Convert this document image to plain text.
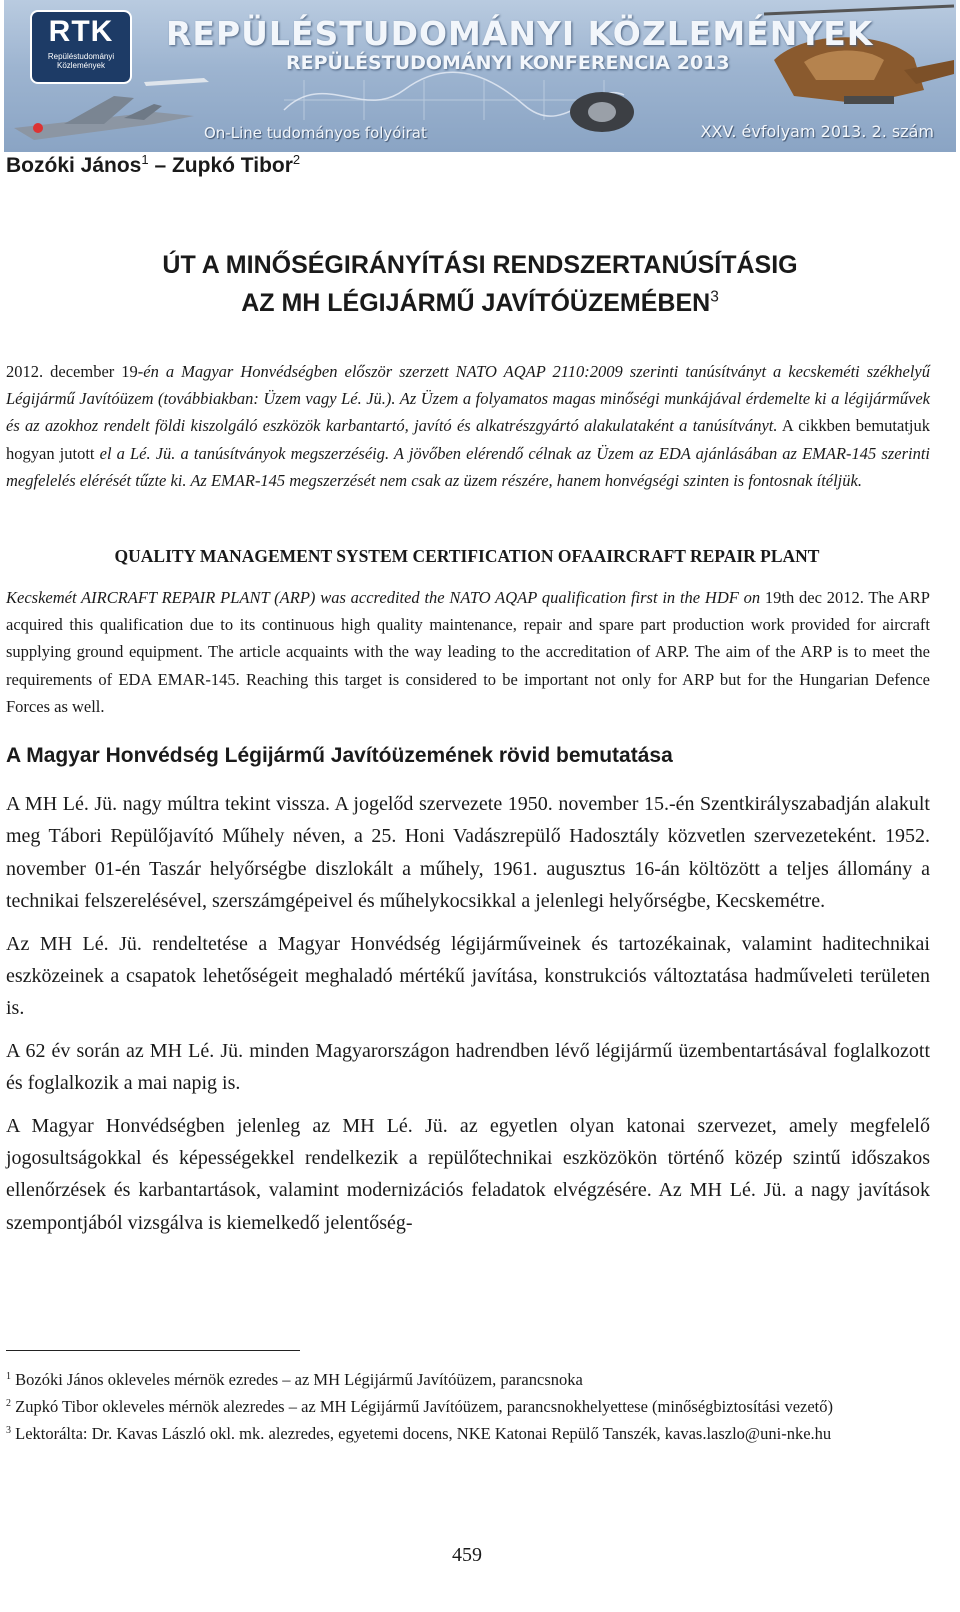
RTK
Repüléstudományi Közlemények
REPÜLÉSTUDOMÁNYI KÖZLEMÉNYEK
REPÜLÉSTUDOMÁNYI KONFERENCIA 2013
On-Line tudományos folyóirat	XXV. évfolyam 2013. 2. szám
Bozóki János$^1$ – Zupkó Tibor$^2$
ÚT A MINŐSÉGIRÁNYÍTÁSI RENDSZERTANÚSÍTÁSIG
AZ MH LÉGIJÁRMŰ JAVÍTÓÜZEMÉBEN$^3$

2012. december 19-én a Magyar Honvédségben először szerzett NATO AQAP 2110:2009 szerinti tanúsítványt a kecskeméti székhelyű Légijármű Javítóüzem (továbbiakban: Üzem vagy Lé. Jü.). Az Üzem a folyamatos magas minőségi munkájával érdemelte ki a légijárművek és az azokhoz rendelt földi kiszolgáló eszközök karbantartó, javító és alkatrészgyártó alakulataként a tanúsítványt. A cikkben bemutatjuk hogyan jutott el a Lé. Jü. a tanúsítványok megszerzéséig. A jövőben elérendő célnak az Üzem az EDA ajánlásában az EMAR-145 szerinti megfelelés elérését tűzte ki. Az EMAR-145 megszerzését nem csak az üzem részére, hanem honvégségi szinten is fontosnak ítéljük.

QUALITY MANAGEMENT SYSTEM CERTIFICATION OFAAIRCRAFT REPAIR PLANT

Kecskemét AIRCRAFT REPAIR PLANT (ARP) was accredited the NATO AQAP qualification first in the HDF on 19th dec 2012. The ARP acquired this qualification due to its continuous high quality maintenance, repair and spare part production work provided for aircraft supplying ground equipment. The article acquaints with the way leading to the accreditation of ARP. The aim of the ARP is to meet the requirements of EDA EMAR-145. Reaching this target is considered to be important not only for ARP but for the Hungarian Defence Forces as well.

A Magyar Honvédség Légijármű Javítóüzemének rövid bemutatása

A MH Lé. Jü. nagy múltra tekint vissza. A jogelőd szervezete 1950. november 15.-én Szentkirályszabadján alakult meg Tábori Repülőjavító Műhely néven, a 25. Honi Vadászrepülő Hadosztály közvetlen szervezeteként. 1952. november 01-én Taszár helyőrségbe diszlokált a műhely, 1961. augusztus 16-án költözött a teljes állomány a technikai felszerelésével, szerszámgépeivel és műhelykocsikkal a jelenlegi helyőrségbe, Kecskemétre.

Az MH Lé. Jü. rendeltetése a Magyar Honvédség légijárműveinek és tartozékainak, valamint haditechnikai eszközeinek a csapatok lehetőségeit meghaladó mértékű javítása, konstrukciós változtatása hadműveleti területen is.

A 62 év során az MH Lé. Jü. minden Magyarországon hadrendben lévő légijármű üzembentartásával foglalkozott és foglalkozik a mai napig is.

A Magyar Honvédségben jelenleg az MH Lé. Jü. az egyetlen olyan katonai szervezet, amely megfelelő jogosultságokkal és képességekkel rendelkezik a repülőtechnikai eszközökön történő közép szintű időszakos ellenőrzések és karbantartások, valamint modernizációs feladatok elvégzésére. Az MH Lé. Jü. a nagy javítások szempontjából vizsgálva is kiemelkedő jelentőség-

$^1$ Bozóki János okleveles mérnök ezredes – az MH Légijármű Javítóüzem, parancsnoka

$^2$ Zupkó Tibor okleveles mérnök alezredes – az MH Légijármű Javítóüzem, parancsnokhelyettese (minőségbiztosítási vezető)

$^3$ Lektorálta: Dr. Kavas László okl. mk. alezredes, egyetemi docens, NKE Katonai Repülő Tanszék, kavas.laszlo@uni-nke.hu

459
